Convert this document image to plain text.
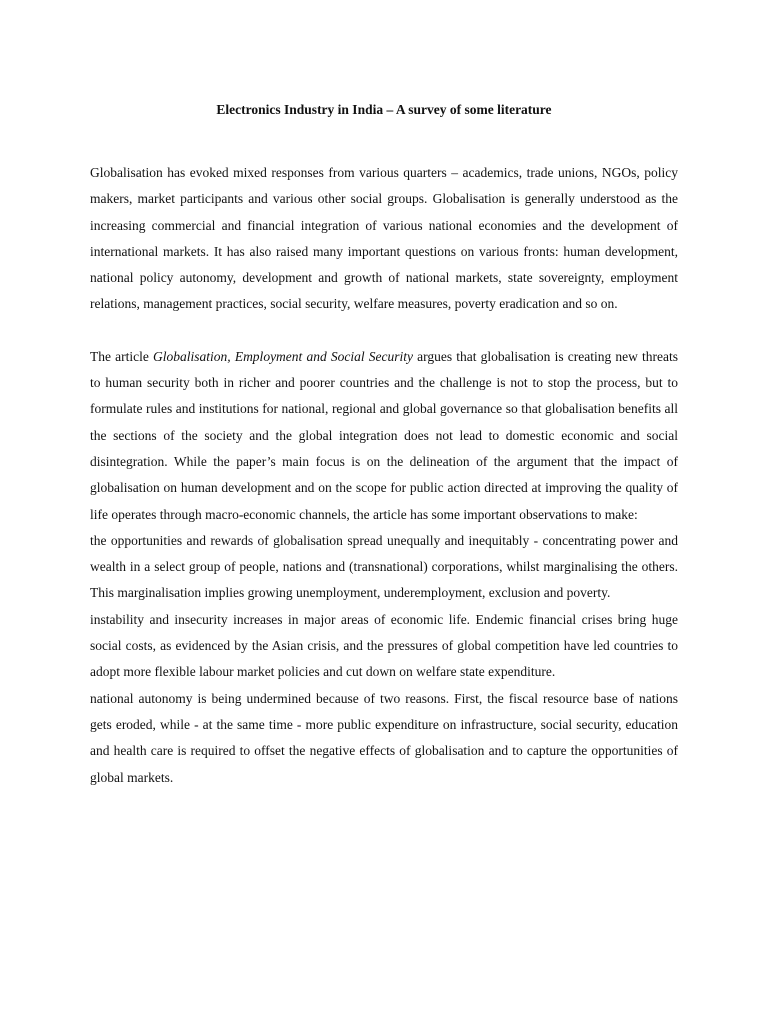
Electronics Industry in India – A survey of some literature

Globalisation has evoked mixed responses from various quarters – academics, trade unions, NGOs, policy makers, market participants and various other social groups. Globalisation is generally understood as the increasing commercial and financial integration of various national economies and the development of international markets. It has also raised many important questions on various fronts: human development, national policy autonomy, development and growth of national markets, state sovereignty, employment relations, management practices, social security, welfare measures, poverty eradication and so on.

The article Globalisation, Employment and Social Security argues that globalisation is creating new threats to human security both in richer and poorer countries and the challenge is not to stop the process, but to formulate rules and institutions for national, regional and global governance so that globalisation benefits all the sections of the society and the global integration does not lead to domestic economic and social disintegration. While the paper’s main focus is on the delineation of the argument that the impact of globalisation on human development and on the scope for public action directed at improving the quality of life operates through macro-economic channels, the article has some important observations to make:

the opportunities and rewards of globalisation spread unequally and inequitably - concentrating power and wealth in a select group of people, nations and (transnational) corporations, whilst marginalising the others. This marginalisation implies growing unemployment, underemployment, exclusion and poverty.

instability and insecurity increases in major areas of economic life. Endemic financial crises bring huge social costs, as evidenced by the Asian crisis, and the pressures of global competition have led countries to adopt more flexible labour market policies and cut down on welfare state expenditure.

national autonomy is being undermined because of two reasons. First, the fiscal resource base of nations gets eroded, while - at the same time - more public expenditure on infrastructure, social security, education and health care is required to offset the negative effects of globalisation and to capture the opportunities of global markets.
